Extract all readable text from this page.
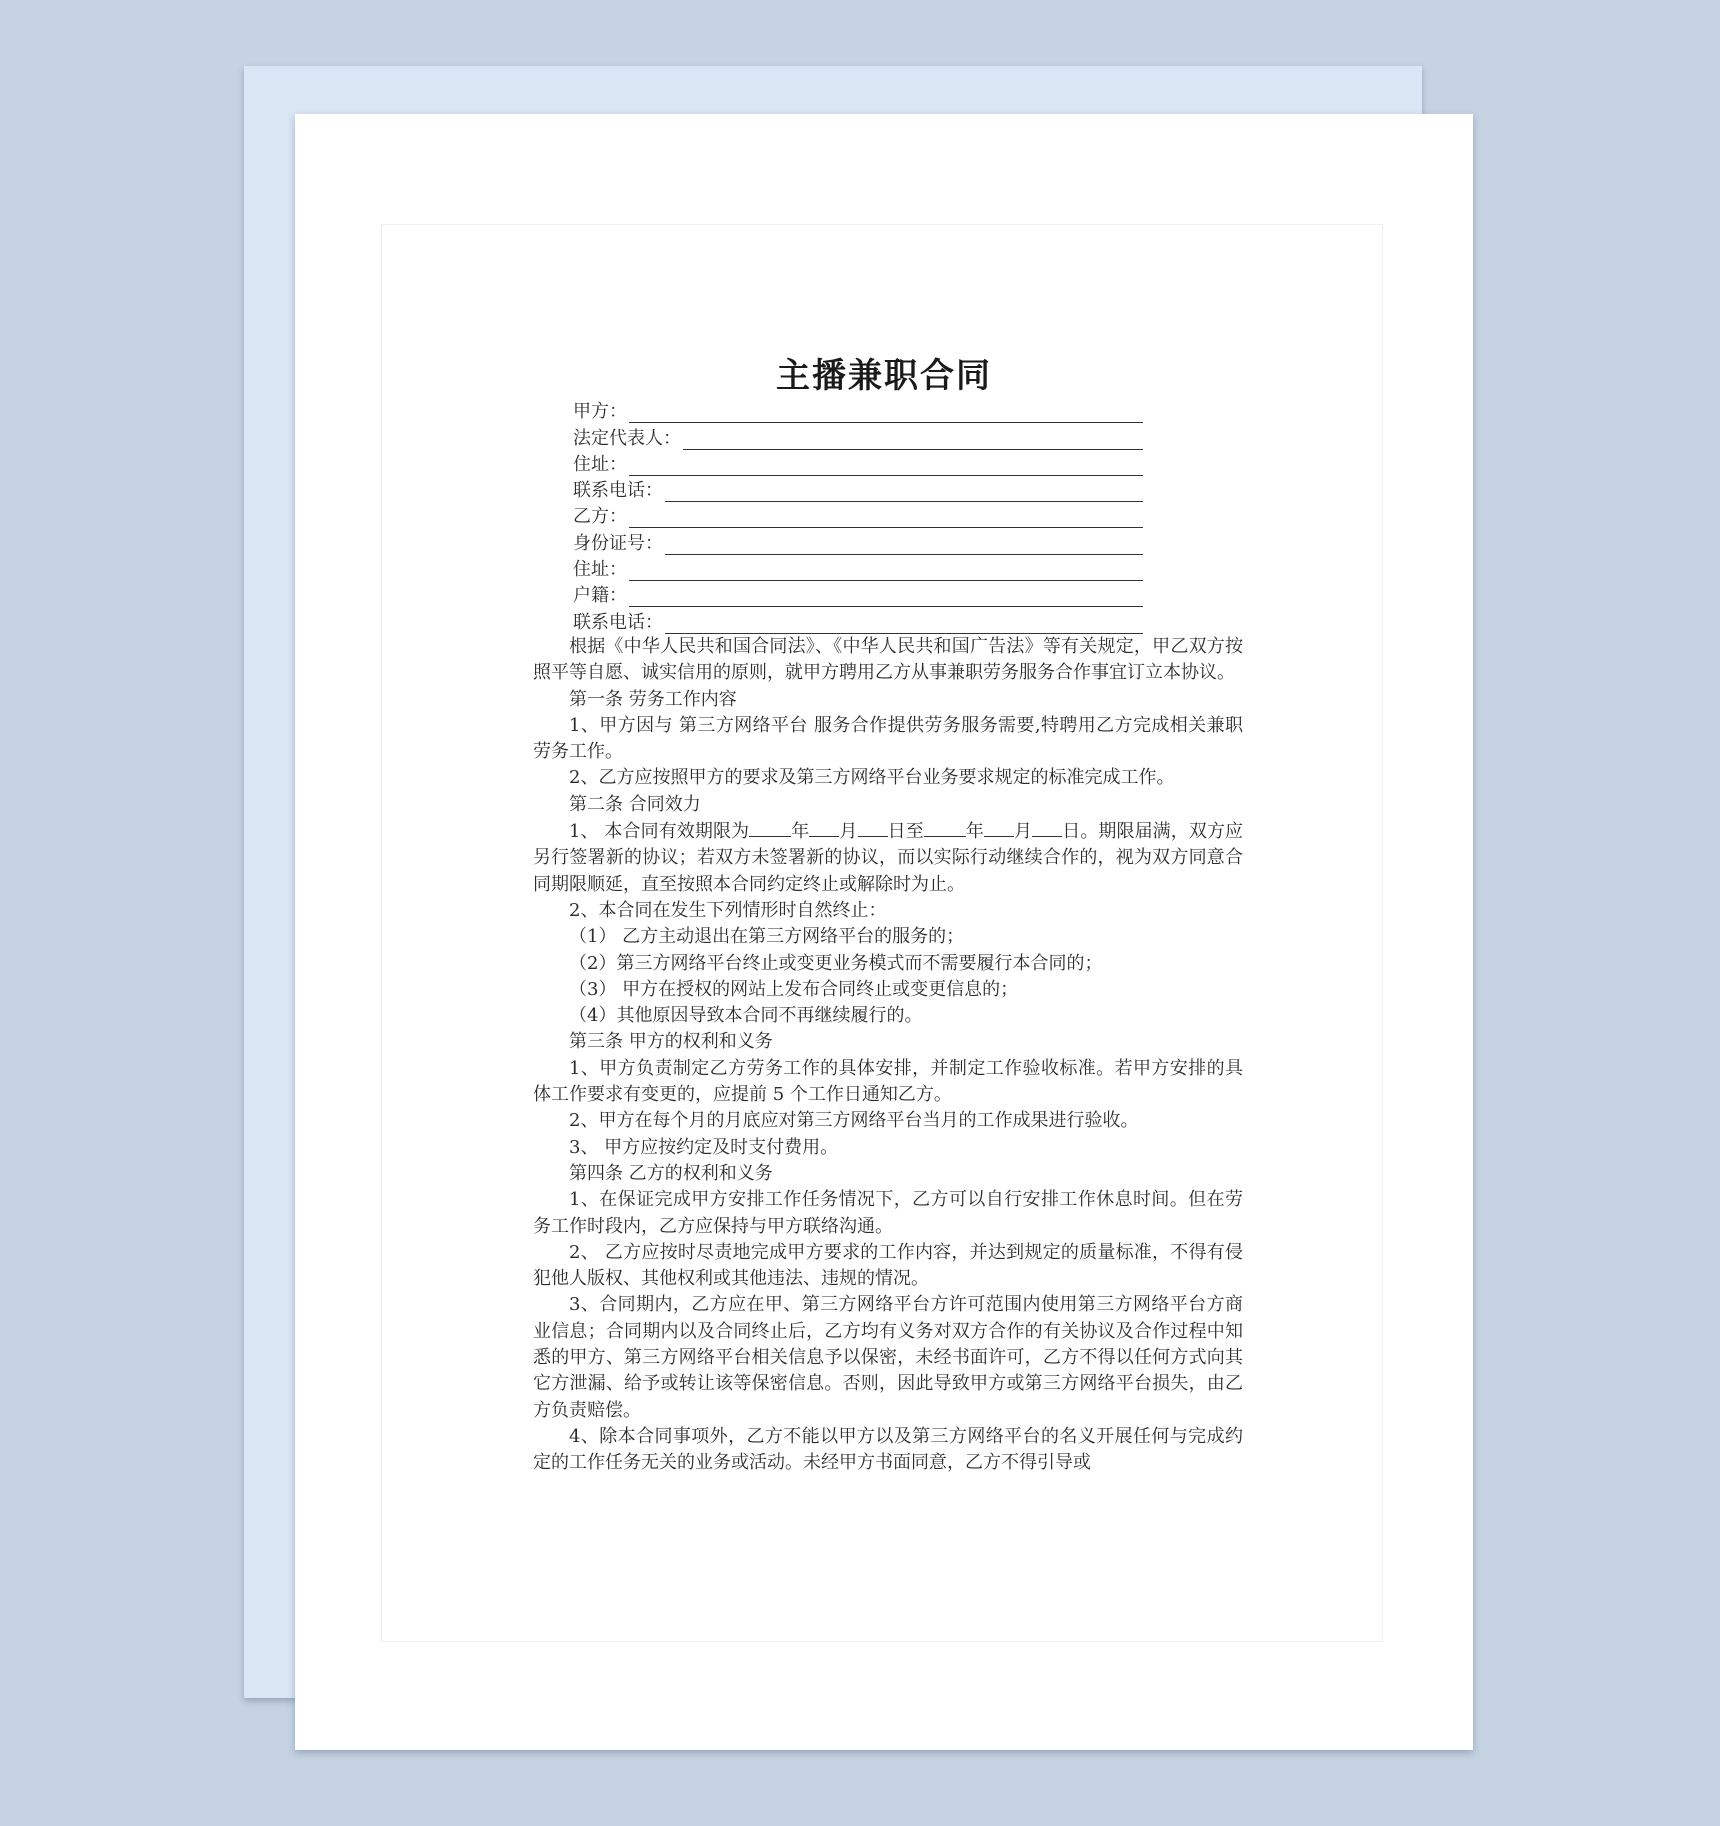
主播兼职合同
甲方：
法定代表人：
住址：
联系电话：
乙方：
身份证号：
住址：
户籍：
联系电话：
根据《中华人民共和国合同法》、《中华人民共和国广告法》等有关规定，甲乙双方按照平等自愿、诚实信用的原则，就甲方聘用乙方从事兼职劳务服务合作事宜订立本协议。
第一条 劳务工作内容
1、甲方因与 第三方网络平台 服务合作提供劳务服务需要,特聘用乙方完成相关兼职劳务工作。
2、乙方应按照甲方的要求及第三方网络平台业务要求规定的标准完成工作。
第二条 合同效力
1、 本合同有效期限为 年 月 日至 年 月 日。期限届满，双方应另行签署新的协议；若双方未签署新的协议，而以实际行动继续合作的，视为双方同意合同期限顺延，直至按照本合同约定终止或解除时为止。
2、本合同在发生下列情形时自然终止：
（1） 乙方主动退出在第三方网络平台的服务的；
（2）第三方网络平台终止或变更业务模式而不需要履行本合同的；
（3） 甲方在授权的网站上发布合同终止或变更信息的；
（4）其他原因导致本合同不再继续履行的。
第三条 甲方的权利和义务
1、甲方负责制定乙方劳务工作的具体安排，并制定工作验收标准。若甲方安排的具体工作要求有变更的，应提前 5 个工作日通知乙方。
2、甲方在每个月的月底应对第三方网络平台当月的工作成果进行验收。
3、 甲方应按约定及时支付费用。
第四条 乙方的权利和义务
1、在保证完成甲方安排工作任务情况下，乙方可以自行安排工作休息时间。但在劳务工作时段内，乙方应保持与甲方联络沟通。
2、 乙方应按时尽责地完成甲方要求的工作内容，并达到规定的质量标准，不得有侵犯他人版权、其他权利或其他违法、违规的情况。
3、合同期内，乙方应在甲、第三方网络平台方许可范围内使用第三方网络平台方商业信息；合同期内以及合同终止后，乙方均有义务对双方合作的有关协议及合作过程中知悉的甲方、第三方网络平台相关信息予以保密，未经书面许可，乙方不得以任何方式向其它方泄漏、给予或转让该等保密信息。否则，因此导致甲方或第三方网络平台损失，由乙方负责赔偿。
4、除本合同事项外，乙方不能以甲方以及第三方网络平台的名义开展任何与完成约定的工作任务无关的业务或活动。未经甲方书面同意，乙方不得引导或
